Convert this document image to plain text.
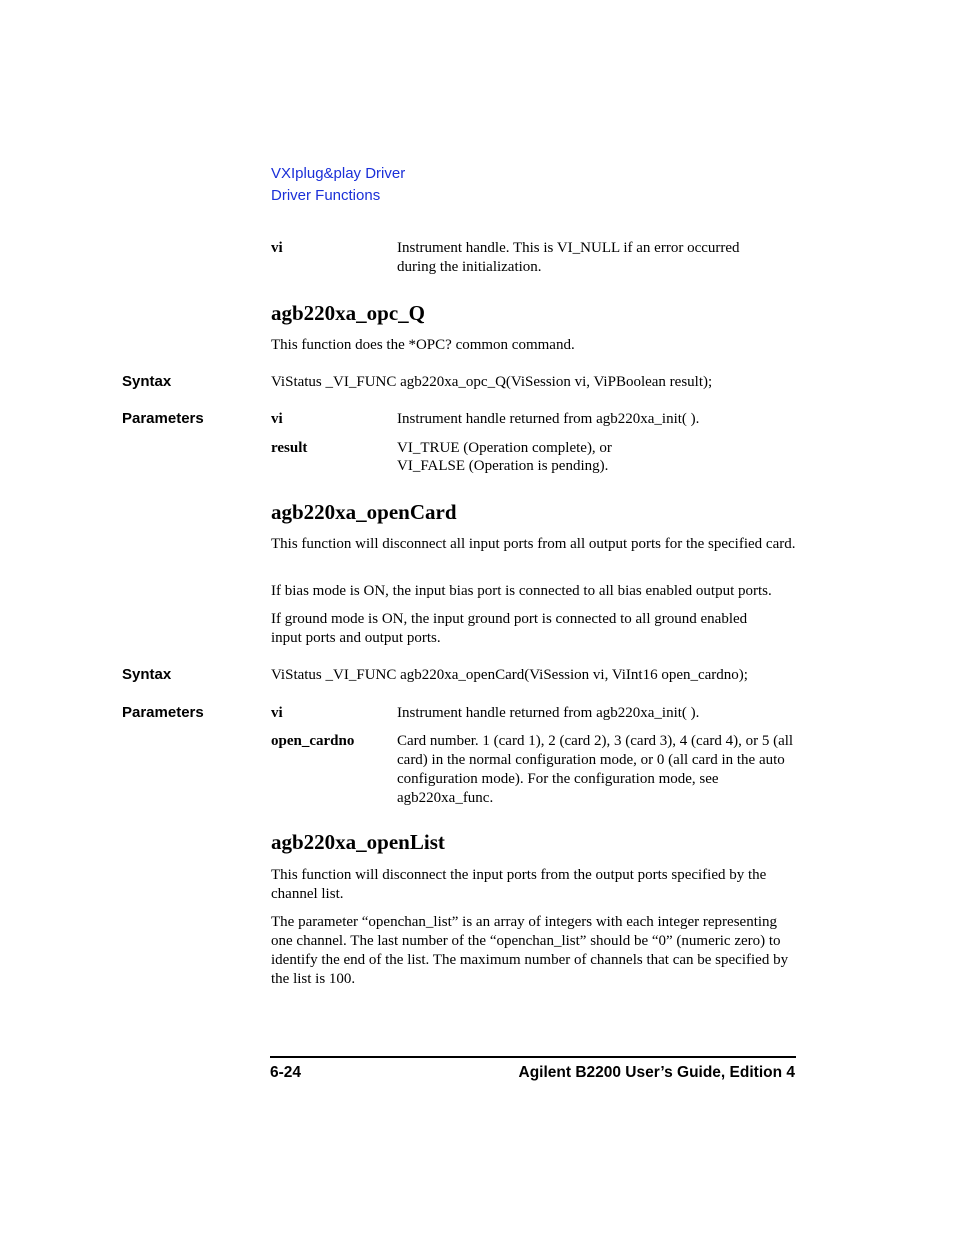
VXIplug&play Driver
Driver Functions
vi	Instrument handle. This is VI_NULL if an error occurred during the initialization.
agb220xa_opc_Q
This function does the *OPC? common command.
Syntax	ViStatus _VI_FUNC agb220xa_opc_Q(ViSession vi, ViPBoolean result);
Parameters	vi	Instrument handle returned from agb220xa_init( ).
result	VI_TRUE (Operation complete), or
VI_FALSE (Operation is pending).
agb220xa_openCard
This function will disconnect all input ports from all output ports for the specified card.
If bias mode is ON, the input bias port is connected to all bias enabled output ports.
If ground mode is ON, the input ground port is connected to all ground enabled input ports and output ports.
Syntax	ViStatus _VI_FUNC agb220xa_openCard(ViSession vi, ViInt16 open_cardno);
Parameters	vi	Instrument handle returned from agb220xa_init( ).
open_cardno	Card number. 1 (card 1), 2 (card 2), 3 (card 3), 4 (card 4), or 5 (all card) in the normal configuration mode, or 0 (all card in the auto configuration mode). For the configuration mode, see agb220xa_func.
agb220xa_openList
This function will disconnect the input ports from the output ports specified by the channel list.
The parameter “openchan_list” is an array of integers with each integer representing one channel. The last number of the “openchan_list” should be “0” (numeric zero) to identify the end of the list. The maximum number of channels that can be specified by the list is 100.
6-24	Agilent B2200 User’s Guide, Edition 4
